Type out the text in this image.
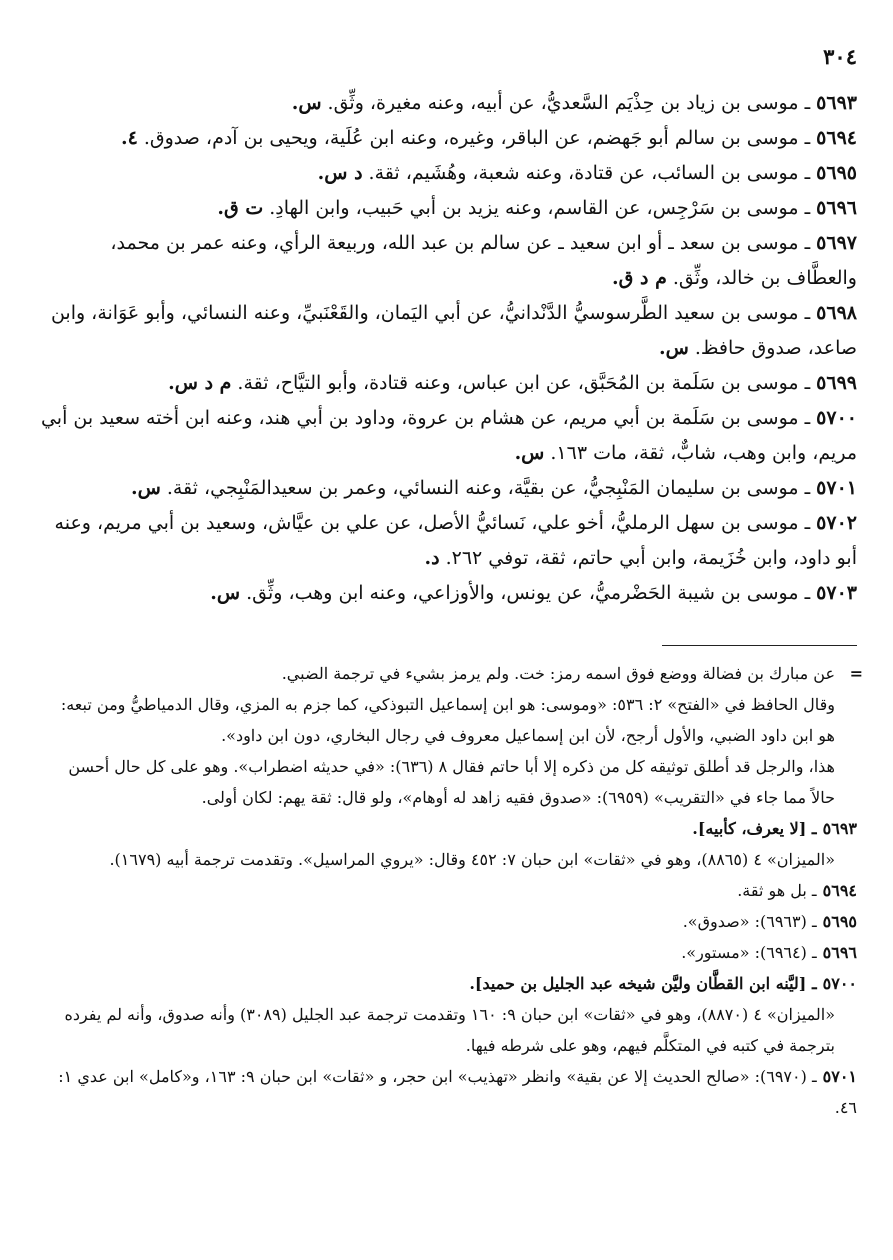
٣٠٤

٥٦٩٣ـ موسى بن زياد بن حِذْيَم السَّعديُّ، عن أبيه، وعنه مغيرة، وثِّق.س.

٥٦٩٤ـ موسى بن سالم أبو جَهضم، عن الباقر، وغيره، وعنه ابن عُلَية، ويحيى بن آدم، صدوق.٤.

٥٦٩٥ـ موسى بن السائب، عن قتادة، وعنه شعبة، وهُشَيم، ثقة.د س.

٥٦٩٦ـ موسى بن سَرْجِس، عن القاسم، وعنه يزيد بن أبي حَبيب، وابن الهادِ.ت ق.

٥٦٩٧ـ موسى بن سعد ـ أو ابن سعيد ـ عن سالم بن عبد الله، وربيعة الرأي، وعنه عمر بن محمد، والعطَّاف بن خالد، وثِّق.م د ق.

٥٦٩٨ـ موسى بن سعيد الطَّرسوسيُّ الدَّنْدانيُّ، عن أبي اليَمان، والقَعْنَبيِّ، وعنه النسائي، وأبو عَوَانة، وابن صاعد، صدوق حافظ.س.

٥٦٩٩ـ موسى بن سَلَمة بن المُحَبَّق، عن ابن عباس، وعنه قتادة، وأبو التيَّاح، ثقة.م د س.

٥٧٠٠ـ موسى بن سَلَمة بن أبي مريم، عن هشام بن عروة، وداود بن أبي هند، وعنه ابن أخته سعيد بن أبي مريم، وابن وهب، شابٌّ، ثقة، مات ١٦٣.س.

٥٧٠١ـ موسى بن سليمان المَنْبِجيُّ، عن بقيَّة، وعنه النسائي، وعمر بن سعيدالمَنْبِجي، ثقة.س.

٥٧٠٢ـ موسى بن سهل الرمليُّ، أخو علي، نَسائيُّ الأصل، عن علي بن عيَّاش، وسعيد بن أبي مريم، وعنه أبو داود، وابن خُزَيمة، وابن أبي حاتم، ثقة، توفي ٢٦٢.د.

٥٧٠٣ـ موسى بن شيبة الحَضْرميُّ، عن يونس، والأوزاعي، وعنه ابن وهب، وثِّق.س.

=
عن مبارك بن فضالة ووضع فوق اسمه رمز: خت. ولم يرمز بشيء في ترجمة الضبي.

وقال الحافظ في «الفتح» ٢: ٥٣٦: «وموسى: هو ابن إسماعيل التبوذكي، كما جزم به المزي، وقال الدمياطيُّ ومن تبعه: هو ابن داود الضبي، والأول أرجح، لأن ابن إسماعيل معروف في رجال البخاري، دون ابن داود».

هذا، والرجل قد أطلق توثيقه كل من ذكره إلا أبا حاتم فقال ٨ (٦٣٦): «في حديثه اضطراب». وهو على كل حال أحسن حالاً مما جاء في «التقريب» (٦٩٥٩): «صدوق فقيه زاهد له أوهام»، ولو قال: ثقة يهم: لكان أولى.

٥٦٩٣ـ [لا يعرف، كأبيه].

«الميزان» ٤ (٨٨٦٥)، وهو في «ثقات» ابن حبان ٧: ٤٥٢ وقال: «يروي المراسيل». وتقدمت ترجمة أبيه (١٦٧٩).

٥٦٩٤ـ بل هو ثقة.

٥٦٩٥ـ (٦٩٦٣): «صدوق».

٥٦٩٦ـ (٦٩٦٤): «مستور».

٥٧٠٠ـ [ليَّنه ابن القطَّان وليَّن شيخه عبد الجليل بن حميد].

«الميزان» ٤ (٨٨٧٠)، وهو في «ثقات» ابن حبان ٩: ١٦٠ وتقدمت ترجمة عبد الجليل (٣٠٨٩) وأنه صدوق، وأنه لم يفرده بترجمة في كتبه في المتكلَّم فيهم، وهو على شرطه فيها.

٥٧٠١ـ (٦٩٧٠): «صالح الحديث إلا عن بقية» وانظر «تهذيب» ابن حجر، و «ثقات» ابن حبان ٩: ١٦٣، و«كامل» ابن عدي ١: ٤٦.
